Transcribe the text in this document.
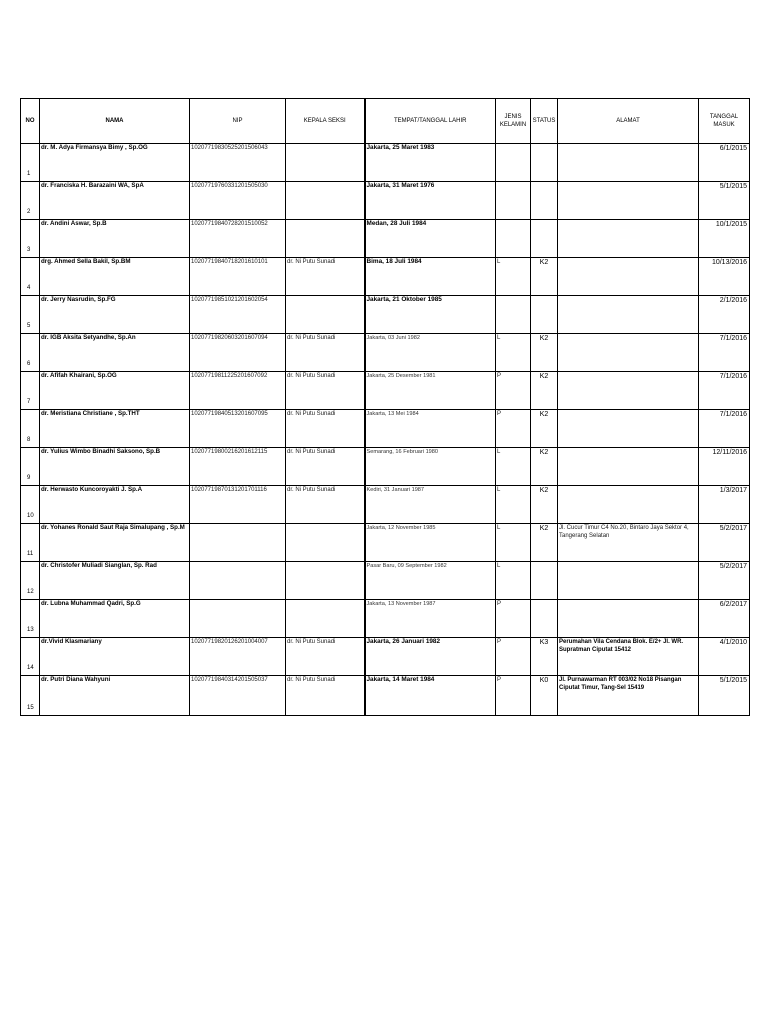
NO	NAMA	NIP	KEPALA SEKSI	TEMPAT/TANGGAL LAHIR	JENIS KELAMIN	STATUS	ALAMAT	TANGGAL MASUK

1	dr. M. Adya Firmansya Bimy , Sp.OG	102077198305252015060​43		Jakarta, 25 Maret 1983				6/1/2015

2	dr. Franciska H. Barazaini WA, SpA	102077197603312015050​30		Jakarta, 31 Maret 1976				5/1/2015

3	dr. Andini Aswar, Sp.B	102077198407282015100​52		Medan, 28 Juli 1984				10/1/2015

4	drg. Ahmed Sella Bakil, Sp.BM	102077198407182016101​01	dr. Ni Putu Sunadi	Bima, 18 Juli 1984	L	K2		10/13/2016

5	dr. Jerry Nasrudin, Sp.FG	102077198510212016020​54		Jakarta, 21 Oktober 1985				2/1/2016

6	dr. IGB Aksita Setyandhe, Sp.An	102077198206032016070​94	dr. Ni Putu Sunadi	Jakarta, 03 Juni 1982	L	K2		7/1/2016

7	dr. Afifah Khairani, Sp.OG	102077198112252016070​92	dr. Ni Putu Sunadi	Jakarta, 25 Desember 1981	P	K2		7/1/2016

8	dr. Meristiana Christiane , Sp.THT	102077198405132016070​95	dr. Ni Putu Sunadi	Jakarta, 13 Mei 1984	P	K2		7/1/2016

9	dr. Yulius Wimbo Binadhi Saksono, Sp.B	102077198002162016121​15	dr. Ni Putu Sunadi	Semarang, 16 Februari 1980	L	K2		12/11/2016

10	dr. Herwasto Kuncoroyakti J. Sp.A	102077198701312017011​16	dr. Ni Putu Sunadi	Kediri, 31 Januari 1987	L	K2		1/3/2017

11	dr. Yohanes Ronald Saut Raja Simalupang , Sp.M			Jakarta, 12 November 1985	L	K2	Jl. Cucur Timur C4 No.20, Bintaro Jaya Sektor 4, Tangerang Selatan	5/2/2017

12	dr. Christofer Muliadi Sianglan, Sp. Rad			Pasar Baru, 09 September 1982	L			5/2/2017

13	dr. Lubna Muhammad Qadri, Sp.G			Jakarta, 13 November 1987	P			6/2/2017

14	dr.Vivid Klasmariany	102077198201262010040​07	dr. Ni Putu Sunadi	Jakarta, 26 Januari 1982	P	K3	Perumahan Vila Cendana Blok. E/2+ Jl. WR. Supratman Ciputat 15412	4/1/2010

15	dr. Putri Diana Wahyuni	102077198403142015050​37	dr. Ni Putu Sunadi	Jakarta, 14 Maret 1984	P	K0	Jl. Purnawarman RT 003/02 No18 Pisangan Ciputat Timur, Tang-Sel 15419	5/1/2015
